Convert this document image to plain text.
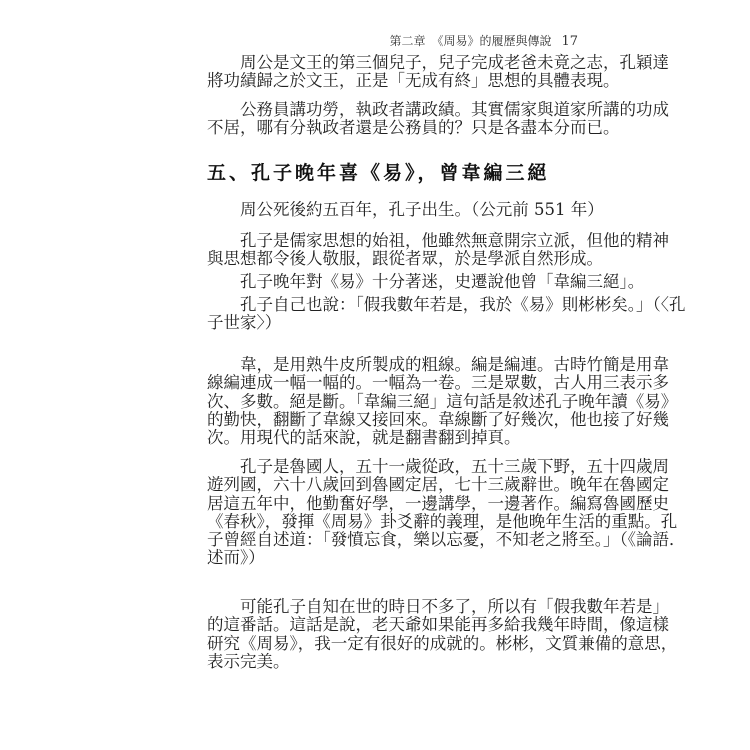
第二章　《周易》的履歷與傳說 17
　　周公是文王的第三個兒子，兒子完成老爸未竟之志，孔穎達
將功績歸之於文王，正是「无成有終」思想的具體表現。
　　公務員講功勞，執政者講政績。其實儒家與道家所講的功成
不居，哪有分執政者還是公務員的？只是各盡本分而已。
五、孔子晚年喜《易》，曾韋編三絕
　　周公死後約五百年，孔子出生。（公元前 551 年）
　　孔子是儒家思想的始祖，他雖然無意開宗立派，但他的精神
與思想都令後人敬服，跟從者眾，於是學派自然形成。
　　孔子晚年對《易》十分著迷，史遷說他曾「韋編三絕」。
　　孔子自己也說：「假我數年若是，我於《易》則彬彬矣。」（〈孔
子世家〉）
　　韋，是用熟牛皮所製成的粗線。編是編連。古時竹簡是用韋
線編連成一幅一幅的。一幅為一卷。三是眾數，古人用三表示多
次、多數。絕是斷。「韋編三絕」這句話是敘述孔子晚年讀《易》
的勤快，翻斷了韋線又接回來。韋線斷了好幾次，他也接了好幾
次。用現代的話來說，就是翻書翻到掉頁。
　　孔子是魯國人，五十一歲從政，五十三歲下野，五十四歲周
遊列國，六十八歲回到魯國定居，七十三歲辭世。晚年在魯國定
居這五年中，他勤奮好學，一邊講學，一邊著作。編寫魯國歷史
《春秋》，發揮《周易》卦爻辭的義理，是他晚年生活的重點。孔
子曾經自述道：「發憤忘食，樂以忘憂，不知老之將至。」（《論語．
述而》）
　　可能孔子自知在世的時日不多了，所以有「假我數年若是」
的這番話。這話是說，老天爺如果能再多給我幾年時間，像這樣
研究《周易》，我一定有很好的成就的。彬彬，文質兼備的意思，
表示完美。
